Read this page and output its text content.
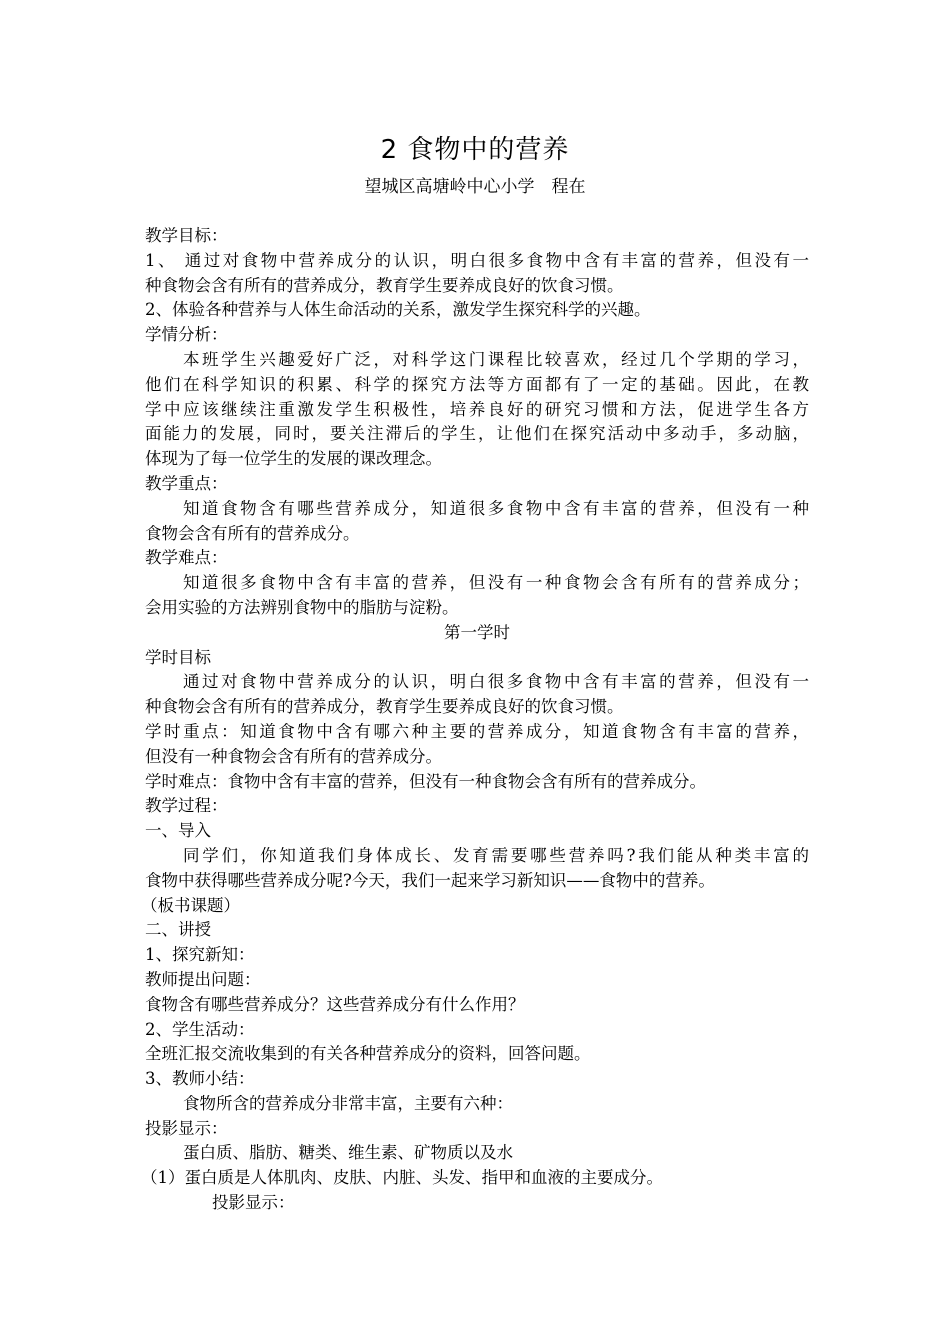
2 食物中的营养
望城区高塘岭中心小学　程在
教学目标：
1、 通过对食物中营养成分的认识，明白很多食物中含有丰富的营养，但没有一
种食物会含有所有的营养成分，教育学生要养成良好的饮食习惯。
2、体验各种营养与人体生命活动的关系，激发学生探究科学的兴趣。
学情分析：
本班学生兴趣爱好广泛，对科学这门课程比较喜欢，经过几个学期的学习，
他们在科学知识的积累、科学的探究方法等方面都有了一定的基础。因此，在教
学中应该继续注重激发学生积极性，培养良好的研究习惯和方法，促进学生各方
面能力的发展，同时，要关注滞后的学生，让他们在探究活动中多动手，多动脑，
体现为了每一位学生的发展的课改理念。
教学重点：
知道食物含有哪些营养成分，知道很多食物中含有丰富的营养，但没有一种
食物会含有所有的营养成分。
教学难点：
知道很多食物中含有丰富的营养，但没有一种食物会含有所有的营养成分；
会用实验的方法辨别食物中的脂肪与淀粉。
第一学时
学时目标
通过对食物中营养成分的认识，明白很多食物中含有丰富的营养，但没有一
种食物会含有所有的营养成分，教育学生要养成良好的饮食习惯。
学时重点：知道食物中含有哪六种主要的营养成分，知道食物含有丰富的营养，
但没有一种食物会含有所有的营养成分。
学时难点：食物中含有丰富的营养，但没有一种食物会含有所有的营养成分。
教学过程：
一、导入
同学们，你知道我们身体成长、发育需要哪些营养吗?我们能从种类丰富的
食物中获得哪些营养成分呢?今天，我们一起来学习新知识——食物中的营养。
（板书课题）
二、讲授
1、探究新知：
教师提出问题：
食物含有哪些营养成分？这些营养成分有什么作用？
2、学生活动：
全班汇报交流收集到的有关各种营养成分的资料，回答问题。
3、教师小结：
食物所含的营养成分非常丰富，主要有六种：
投影显示：
蛋白质、脂肪、糖类、维生素、矿物质以及水
（1）蛋白质是人体肌肉、皮肤、内脏、头发、指甲和血液的主要成分。
投影显示：
